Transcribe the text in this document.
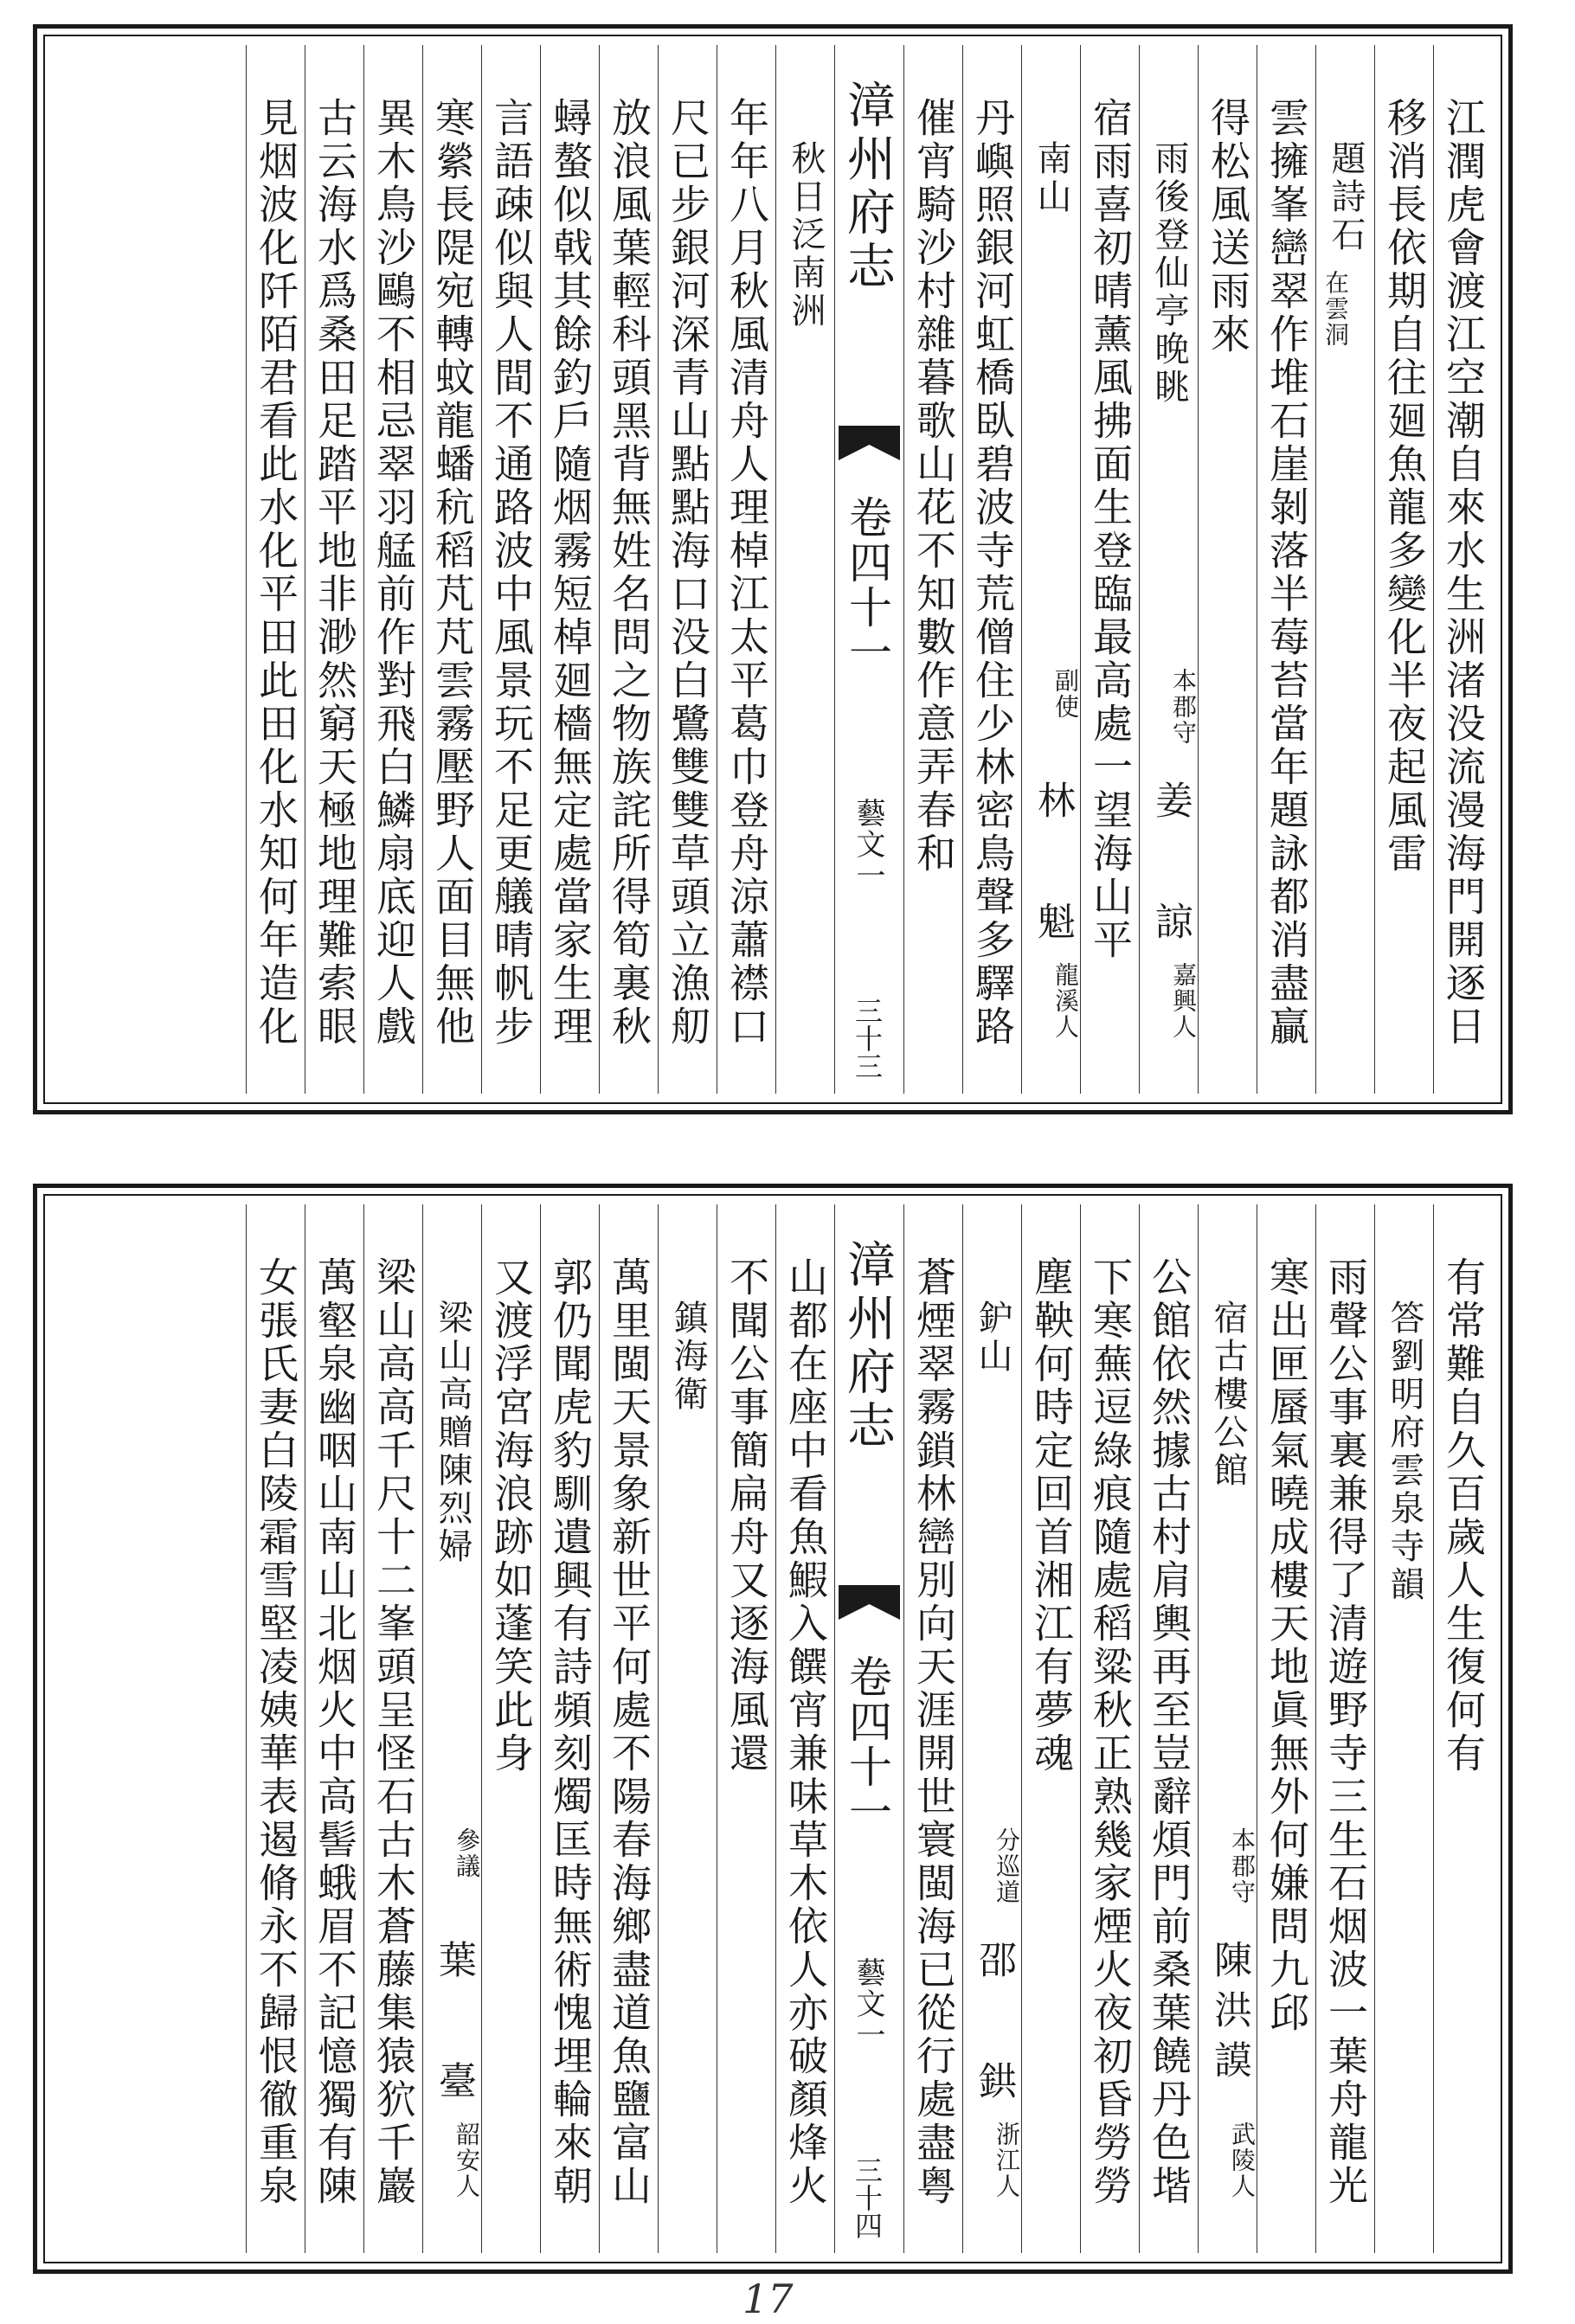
江潤虎會渡江空潮自來水生洲渚没流漫海門開逐日
移消長依期自往廻魚龍多變化半夜起風雷
題詩石
在雲洞
雲擁峯巒翠作堆石崖剝落半莓苔當年題詠都消盡贏
得松風送雨來
雨後登仙亭晚眺
本郡守
姜
諒
嘉興人
宿雨喜初晴薰風拂面生登臨最高處一望海山平
南山
副使
林
魁
龍溪人
丹嶼照銀河虹橋臥碧波寺荒僧住少林密鳥聲多驛路
催宵騎沙村雜暮歌山花不知數作意弄春和
漳州府志
卷四十一
藝文一
三十三
秋日泛南洲
年年八月秋風清舟人理棹江太平葛巾登舟涼蕭襟口
尺已步銀河深青山點點海口没白鷺雙雙草頭立漁舠
放浪風葉輕科頭黑背無姓名問之物族詫所得筍裏秋
蟳螯似戟其餘釣戶隨烟霧短棹廻檣無定處當家生理
言語疎似與人間不通路波中風景玩不足更艤晴帆步
寒縈長隄宛轉蚊龍蟠秔稻芃芃雲霧壓野人面目無他
異木鳥沙鷗不相忌翠羽艋前作對飛白鱗扇底迎人戲
古云海水爲桑田足踏平地非渺然窮天極地理難索眼
見烟波化阡陌君看此水化平田此田化水知何年造化
有常難自久百歲人生復何有
答劉明府雲泉寺韻
雨聲公事裏兼得了清遊野寺三生石烟波一葉舟龍光
寒出匣蜃氣曉成樓天地眞無外何嫌問九邱
宿古樓公館
本郡守
陳洪謨
武陵人
公館依然據古村肩輿再至豈辭煩門前桑葉饒丹色堦
下寒蕪逗綠痕隨處稻粱秋正熟幾家煙火夜初昏勞勞
塵鞅何時定回首湘江有夢魂
鈩山
分巡道
邵
鉷
浙江人
蒼煙翠霧鎖林巒別向天涯開世寰閩海已從行處盡粤
漳州府志
卷四十一
藝文一
三十四
山都在座中看魚鰕入饌宵兼味草木依人亦破顏烽火
不聞公事簡扁舟又逐海風還
鎮海衛
萬里閩天景象新世平何處不陽春海鄉盡道魚鹽富山
郭仍聞虎豹馴遺興有詩頻刻燭匡時無術愧埋輪來朝
又渡浮宮海浪跡如蓬笑此身
梁山高贈陳烈婦
參議
葉
臺
韶安人
梁山高高千尺十二峯頭呈怪石古木蒼藤集猿狖千巖
萬壑泉幽咽山南山北烟火中高髻蛾眉不記憶獨有陳
女張氏妻白陵霜雪堅凌姨華表遏脩永不歸恨徹重泉
17
